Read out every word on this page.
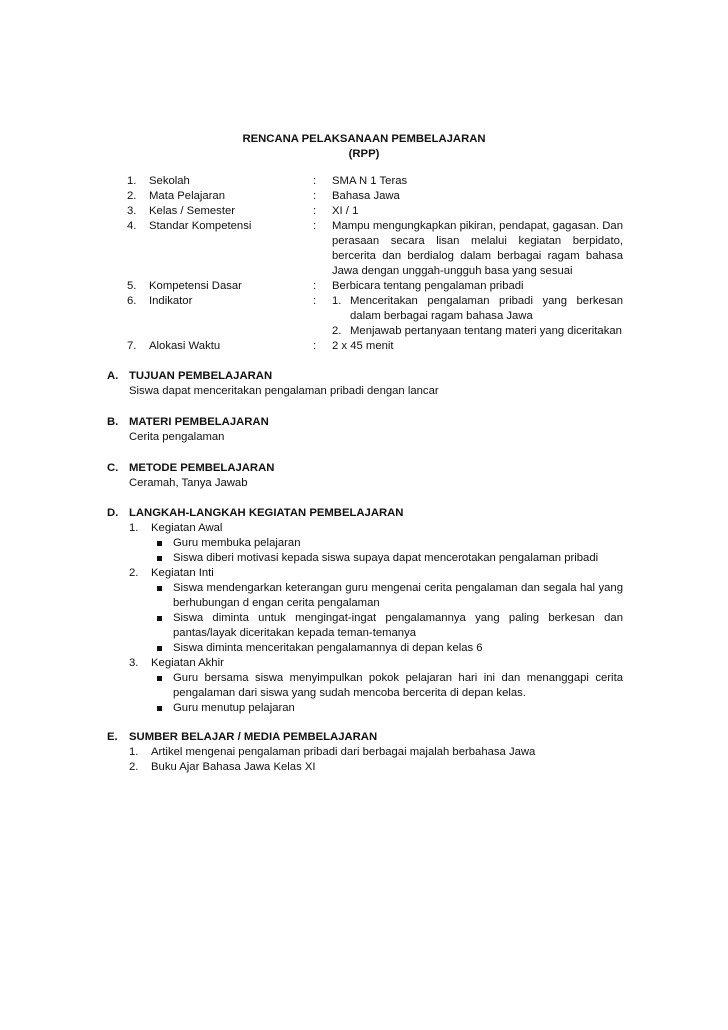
RENCANA PELAKSANAAN PEMBELAJARAN
(RPP)
1.	Sekolah	:	SMA N 1 Teras
2.	Mata Pelajaran	:	Bahasa Jawa
3.	Kelas / Semester	:	XI / 1
4.	Standar Kompetensi	:	Mampu mengungkapkan pikiran, pendapat, gagasan. Dan perasaan secara lisan melalui kegiatan berpidato, bercerita dan berdialog dalam berbagai ragam bahasa Jawa dengan unggah-ungguh basa yang sesuai
5.	Kompetensi Dasar	:	Berbicara tentang pengalaman pribadi
6.	Indikator	:	1. Menceritakan pengalaman pribadi yang berkesan dalam berbagai ragam bahasa Jawa
2. Menjawab pertanyaan tentang materi yang diceritakan
7.	Alokasi Waktu	:	2 x 45 menit
A. TUJUAN PEMBELAJARAN
Siswa dapat menceritakan pengalaman pribadi dengan lancar
B. MATERI PEMBELAJARAN
Cerita pengalaman
C. METODE PEMBELAJARAN
Ceramah, Tanya Jawab
D. LANGKAH-LANGKAH KEGIATAN PEMBELAJARAN
1.	Kegiatan Awal
Guru membuka pelajaran
Siswa diberi motivasi kepada siswa supaya dapat mencerotakan pengalaman pribadi
2.	Kegiatan Inti
Siswa mendengarkan keterangan guru mengenai cerita pengalaman dan segala hal yang berhubungan d engan cerita pengalaman
Siswa diminta untuk mengingat-ingat pengalamannya yang paling berkesan dan pantas/layak diceritakan kepada teman-temanya
Siswa diminta menceritakan pengalamannya di depan kelas 6
3.	Kegiatan Akhir
Guru bersama siswa menyimpulkan pokok pelajaran hari ini dan menanggapi cerita pengalaman dari siswa yang sudah mencoba bercerita di depan kelas.
Guru menutup pelajaran
E.	SUMBER BELAJAR / MEDIA PEMBELAJARAN
1.	Artikel mengenai pengalaman pribadi dari berbagai majalah berbahasa Jawa
2.	Buku Ajar Bahasa Jawa Kelas XI
